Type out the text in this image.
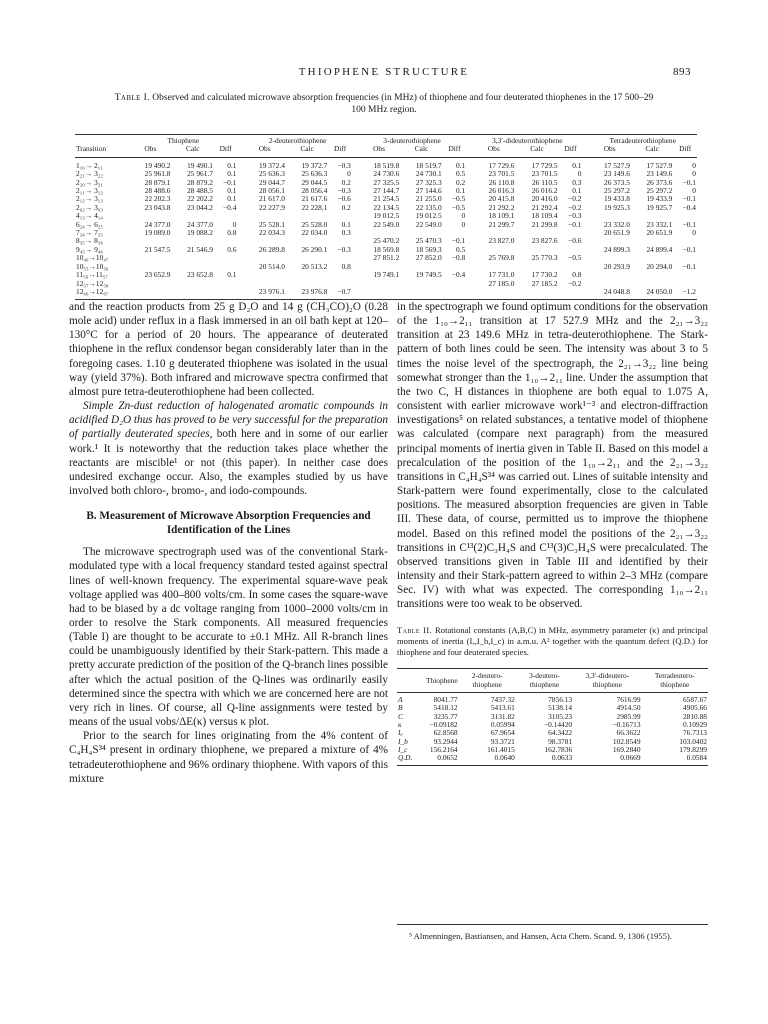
THIOPHENE STRUCTURE	893
Table I. Observed and calculated microwave absorption frequencies (in MHz) of thiophene and four deuterated thiophenes in the 17 500–29 100 MHz region.
	Thiophene				2-deuterothiophene				3-deuterothiophene				3,3′-dideuterothiophene				Tetradeuterothiophene		
Transition	Obs	Calc	Diff		Obs	Calc	Diff		Obs	Calc	Diff		Obs	Calc	Diff		Obs	Calc	Diff
1₁₀→ 2₁₁	19 490.2	19 490.1	0.1		19 372.4	19 372.7	−0.3		18 519.8	18 519.7	0.1		17 729.6	17 729.5	0.1		17 527.9	17 527.9	0
2₂₁→ 3₂₂	25 961.8	25 961.7	0.1		25 636.3	25 636.3	0		24 730.6	24 730.1	0.5		23 701.5	23 701.5	0		23 149.6	23 149.6	0
2₂₀→ 3₂₁	28 879.1	28 879.2	−0.1		29 044.7	29 044.5	0.2		27 325.5	27 325.3	0.2		26 110.8	26 110.5	0.3		26 373.5	26 373.6	−0.1
2₁₁→ 3₁₂	28 488.6	28 488.5	0.1		28 056.1	28 056.4	−0.3		27 144.7	27 144.6	0.1		26 016.3	26 016.2	0.1		25 297.2	25 297.2	0
2₁₂→ 3₁₃	22 202.3	22 202.2	0.1		21 617.0	21 617.6	−0.6		21 254.5	21 255.0	−0.5		20 415.8	20 416.0	−0.2		19 433.8	19 433.9	−0.1
2₀₂→ 3₀₃	23 043.8	23 044.2	−0.4		22 227.9	22 228.1	0.2		22 134.5	22 135.0	−0.5		21 292.2	21 292.4	−0.2		19 925.3	19 925.7	−0.4
4₁₃→ 4₁₄									19 012.5	19 012.5	0		18 109.1	18 109.4	−0.3				
6₂₄→ 6₂₅	24 377.0	24 377.0	0		25 528.1	25 528.0	0.1		22 549.0	22 549.0	0		21 299.7	21 299.8	−0.1		23 332.0	23 332.1	−0.1
7₃₄→ 7₃₅	19 089.0	19 088.2	0.8		22 034.3	22 034.0	0.3										20 651.9	20 651.9	0
8₃₅→ 8₃₆									25 470.2	25 470.3	−0.1		23 827.0	23 827.6	−0.6				
9₄₅→ 9₄₆	21 547.5	21 546.9	0.6		26 289.8	26 290.1	−0.3		18 569.8	18 569.3	0.5						24 899.3	24 899.4	−0.1
10₄₆→10₄₇									27 851.2	27 852.0	−0.8		25 769.8	25 770.3	−0.5				
10₅₅→10₅₆					20 514.0	20 513.2	0.8										20 293.9	20 294.0	−0.1
11₅₆→11₅₇	23 652.9	23 652.8	0.1						19 749.1	19 749.5	−0.4		17 731.0	17 730.2	0.8				
12₅₇→12₅₈													27 185.0	27 185.2	−0.2				
12₆₆→12₆₇					23 976.1	23 976.8	−0.7										24 048.8	24 050.0	−1.2

and the reaction products from 25 g D₂O and 14 g (CH₃CO)₂O (0.28 mole acid) under reflux in a flask immersed in an oil bath kept at 120–130°C for a period of 20 hours. The appearance of deuterated thiophene in the reflux condensor began considerably later than in the foregoing cases. 1.10 g deuterated thiophene was isolated in the usual way (yield 37%). Both infrared and microwave spectra confirmed that almost pure tetra-deuterothiophene had been collected.

Simple Zn-dust reduction of halogenated aromatic compounds in acidified D₂O thus has proved to be very successful for the preparation of partially deuterated species, both here and in some of our earlier work.¹ It is noteworthy that the reduction takes place whether the reactants are miscible¹ or not (this paper). In neither case does undesired exchange occur. Also, the examples studied by us have involved both chloro-, bromo-, and iodo-compounds.

B. Measurement of Microwave Absorption Frequencies and Identification of the Lines

The microwave spectrograph used was of the conventional Stark-modulated type with a local frequency standard tested against spectral lines of well-known frequency. The experimental square-wave peak voltage applied was 400–800 volts/cm. In some cases the square-wave had to be biased by a dc voltage ranging from 1000–2000 volts/cm in order to resolve the Stark components. All measured frequencies (Table I) are thought to be accurate to ±0.1 MHz. All R-branch lines could be unambiguously identified by their Stark-pattern. This made a pretty accurate prediction of the position of the Q-branch lines possible after which the actual position of the Q-lines was ordinarily easily determined since the spectra with which we are concerned here are not very rich in lines. Of course, all Q-line assignments were tested by means of the usual νobs/ΔE(κ) versus κ plot.

Prior to the search for lines originating from the 4% content of C₄H₄S³⁴ present in ordinary thiophene, we prepared a mixture of 4% tetradeuterothiophene and 96% ordinary thiophene. With vapors of this mixture

in the spectrograph we found optimum conditions for the observation of the 1₁₀→2₁₁ transition at 17 527.9 MHz and the 2₂₁→3₂₂ transition at 23 149.6 MHz in tetra-deuterothiophene. The Stark-pattern of both lines could be seen. The intensity was about 3 to 5 times the noise level of the spectrograph, the 2₂₁→3₂₂ line being somewhat stronger than the 1₁₀→2₁₁ line. Under the assumption that the two C, H distances in thiophene are both equal to 1.075 A, consistent with earlier microwave work¹⁻³ and electron-diffraction investigations⁵ on related substances, a tentative model of thiophene was calculated (compare next paragraph) from the measured principal moments of inertia given in Table II. Based on this model a precalculation of the position of the 1₁₀→2₁₁ and the 2₂₁→3₂₂ transitions in C₄H₄S³⁴ was carried out. Lines of suitable intensity and Stark-pattern were found experimentally, close to the calculated positions. The measured absorption frequencies are given in Table III. These data, of course, permitted us to improve the thiophene model. Based on this refined model the positions of the 2₂₁→3₂₂ transitions in C¹³(2)C₃H₄S and C¹³(3)C₃H₄S were precalculated. The observed transitions given in Table III and identified by their intensity and their Stark-pattern agreed to within 2–3 MHz (compare Sec. IV) with what was expected. The corresponding 1₁₀→2₁₁ transitions were too weak to be observed.

Table II. Rotational constants (A,B,C) in MHz, asymmetry parameter (κ) and principal moments of inertia (Iₐ,I_b,I_c) in a.m.u. A² together with the quantum defect (Q.D.) for thiophene and four deuterated species.
	Thiophene	2-deutero-thiophene	3-deutero-thiophene	3,3′-dideutero-thiophene	Tetradeutero-thiophene
A	8041.77	7437.32	7856.13	7616.99	6587.67
B	5418.12	5413.61	5138.14	4914.50	4905.66
C	3235.77	3131.82	3105.23	2985.99	2810.88
κ	−0.09182	0.05994	−0.14420	−0.16713	0.10929
Iₐ	62.8568	67.9654	64.3422	66.3622	76.7313
I_b	93.2944	93.3721	98.3781	102.8549	103.0402
I_c	156.2164	161.4015	162.7836	169.2840	179.8299
Q.D.	0.0652	0.0640	0.0633	0.0669	0.0584
⁵ Almenningen, Bastiansen, and Hansen, Acta Chem. Scand. 9, 1306 (1955).
